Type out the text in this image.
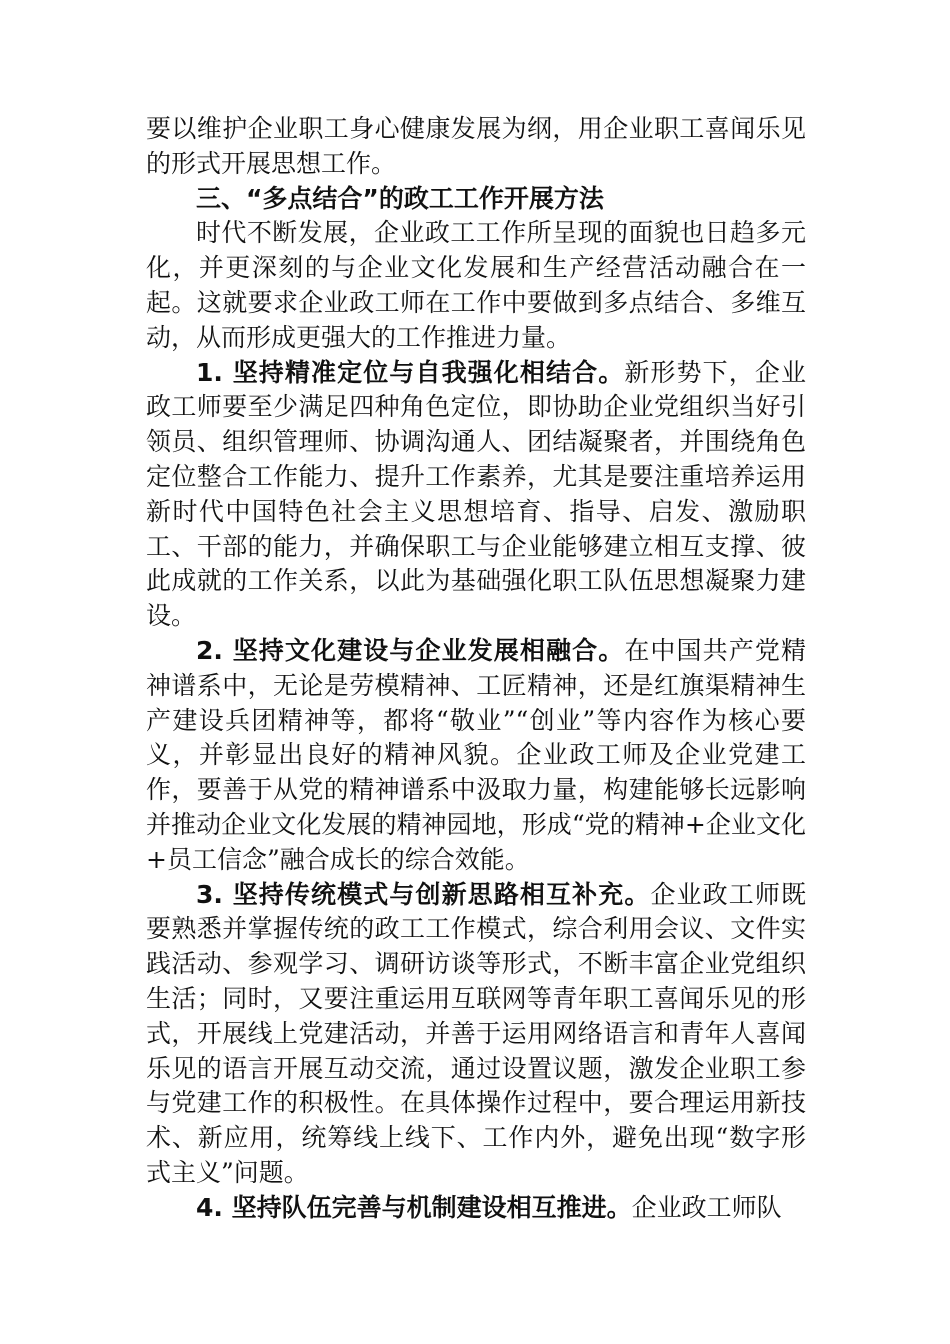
要以维护企业职工身心健康发展为纲，用企业职工喜闻乐见的形式开展思想工作。

三、“多点结合”的政工工作开展方法

时代不断发展，企业政工工作所呈现的面貌也日趋多元化，并更深刻的与企业文化发展和生产经营活动融合在一起。这就要求企业政工师在工作中要做到多点结合、多维互动，从而形成更强大的工作推进力量。

1. 坚持精准定位与自我强化相结合。新形势下，企业政工师要至少满足四种角色定位，即协助企业党组织当好引领员、组织管理师、协调沟通人、团结凝聚者，并围绕角色定位整合工作能力、提升工作素养，尤其是要注重培养运用新时代中国特色社会主义思想培育、指导、启发、激励职工、干部的能力，并确保职工与企业能够建立相互支撑、彼此成就的工作关系，以此为基础强化职工队伍思想凝聚力建设。

2. 坚持文化建设与企业发展相融合。在中国共产党精神谱系中，无论是劳模精神、工匠精神，还是红旗渠精神生产建设兵团精神等，都将“敬业”“创业”等内容作为核心要义，并彰显出良好的精神风貌。企业政工师及企业党建工作，要善于从党的精神谱系中汲取力量，构建能够长远影响并推动企业文化发展的精神园地，形成“党的精神+企业文化+员工信念”融合成长的综合效能。

3. 坚持传统模式与创新思路相互补充。企业政工师既要熟悉并掌握传统的政工工作模式，综合利用会议、文件实践活动、参观学习、调研访谈等形式，不断丰富企业党组织生活；同时，又要注重运用互联网等青年职工喜闻乐见的形式，开展线上党建活动，并善于运用网络语言和青年人喜闻乐见的语言开展互动交流，通过设置议题，激发企业职工参与党建工作的积极性。在具体操作过程中，要合理运用新技术、新应用，统筹线上线下、工作内外，避免出现“数字形式主义”问题。

4. 坚持队伍完善与机制建设相互推进。企业政工师队
